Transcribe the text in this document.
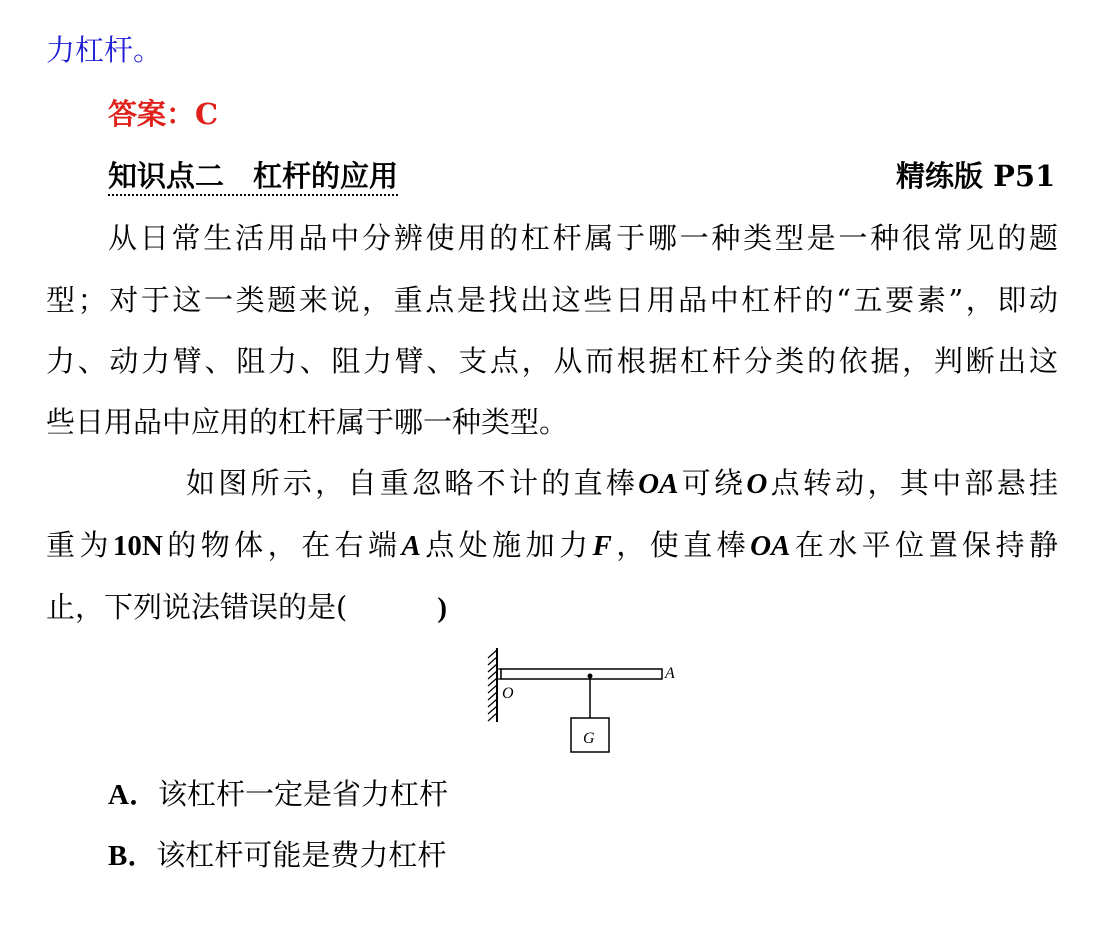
力杠杆。
答案：C
知识点二　杠杆的应用	精练版 P51
从日常生活用品中分辨使用的杠杆属于哪一种类型是一种很常见的题
型；对于这一类题来说，重点是找出这些日用品中杠杆的“五要素”，即动
力、动力臂、阻力、阻力臂、支点，从而根据杠杆分类的依据，判断出这
些日用品中应用的杠杆属于哪一种类型。
如图所示，自重忽略不计的直棒OA可绕O点转动，其中部悬挂
重为10N的物体，在右端A点处施加力F，使直棒OA在水平位置保持静
止，下列说法错误的是(	)
O
A
G
A．该杠杆一定是省力杠杆
B．该杠杆可能是费力杠杆
